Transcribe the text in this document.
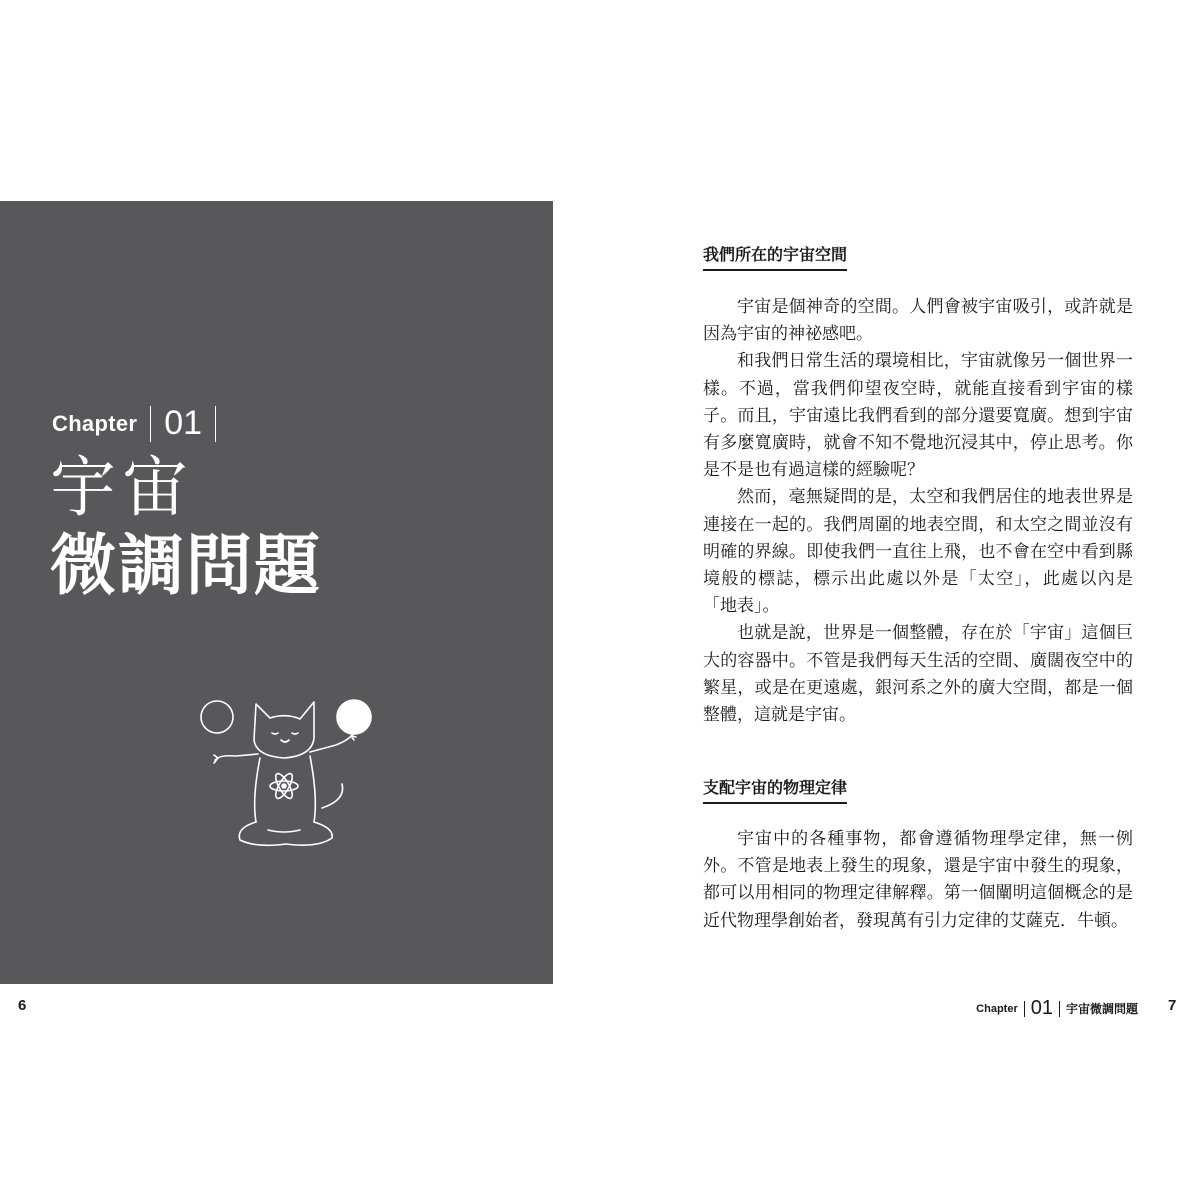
Chapter 01
宇宙
微調問題
6
我們所在的宇宙空間

宇宙是個神奇的空間。人們會被宇宙吸引，或許就是因為宇宙的神祕感吧。

和我們日常生活的環境相比，宇宙就像另一個世界一樣。不過，當我們仰望夜空時，就能直接看到宇宙的樣子。而且，宇宙遠比我們看到的部分還要寬廣。想到宇宙有多麼寬廣時，就會不知不覺地沉浸其中，停止思考。你是不是也有過這樣的經驗呢？

然而，毫無疑問的是，太空和我們居住的地表世界是連接在一起的。我們周圍的地表空間，和太空之間並沒有明確的界線。即使我們一直往上飛，也不會在空中看到縣境般的標誌，標示出此處以外是「太空」，此處以內是「地表」。

也就是說，世界是一個整體，存在於「宇宙」這個巨大的容器中。不管是我們每天生活的空間、廣闊夜空中的繁星，或是在更遠處，銀河系之外的廣大空間，都是一個整體，這就是宇宙。

支配宇宙的物理定律

宇宙中的各種事物，都會遵循物理學定律，無一例外。不管是地表上發生的現象，還是宇宙中發生的現象，都可以用相同的物理定律解釋。第一個闡明這個概念的是近代物理學創始者，發現萬有引力定律的艾薩克．牛頓。

Chapter 01 宇宙微調問題 7
